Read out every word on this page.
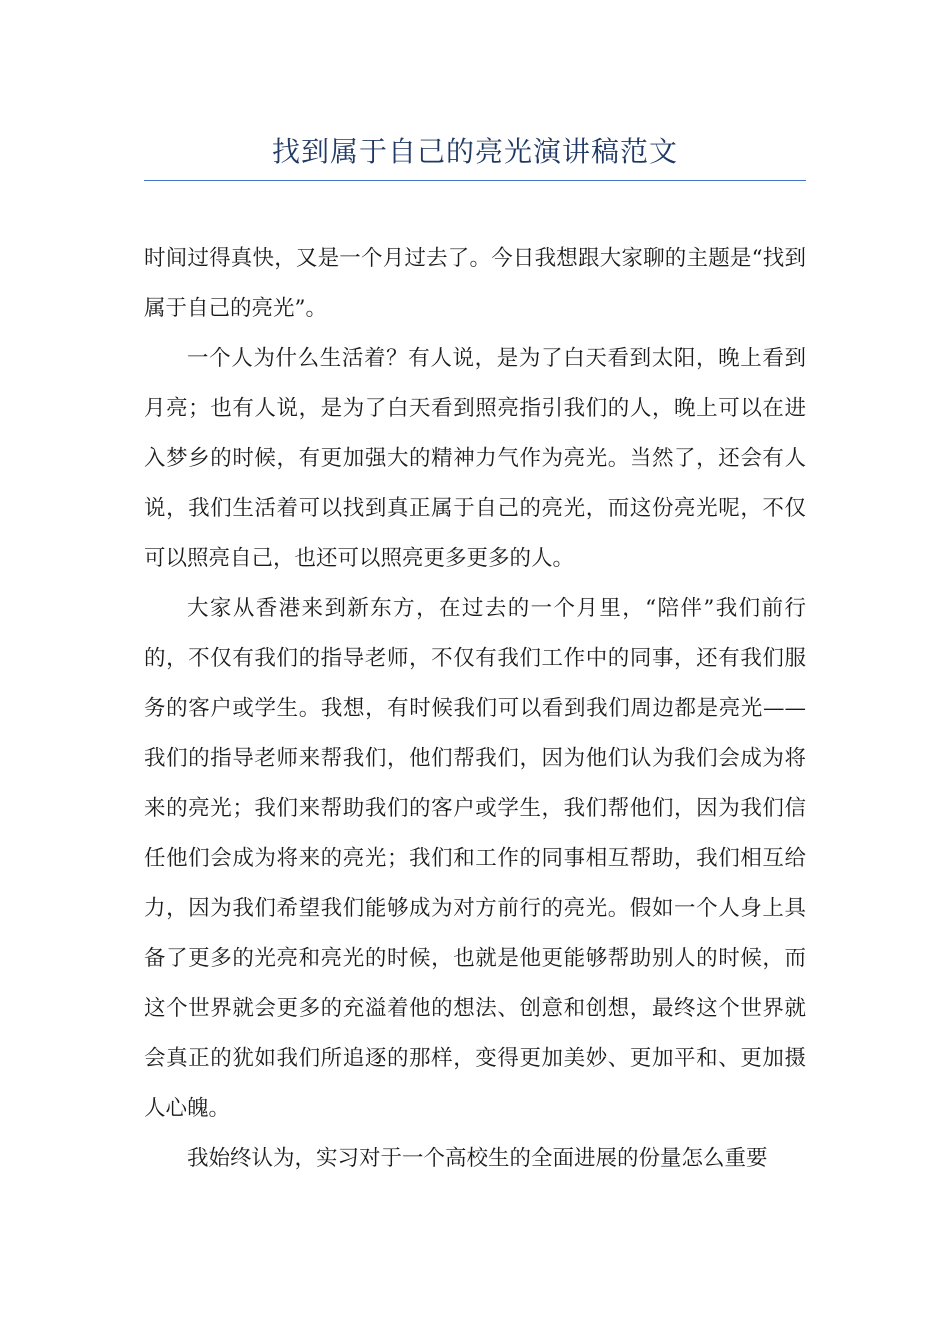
找到属于自己的亮光演讲稿范文

时间过得真快，又是一个月过去了。今日我想跟大家聊的主题是“找到属于自己的亮光”。

一个人为什么生活着？有人说，是为了白天看到太阳，晚上看到月亮；也有人说，是为了白天看到照亮指引我们的人，晚上可以在进入梦乡的时候，有更加强大的精神力气作为亮光。当然了，还会有人说，我们生活着可以找到真正属于自己的亮光，而这份亮光呢，不仅可以照亮自己，也还可以照亮更多更多的人。

大家从香港来到新东方，在过去的一个月里，“陪伴”我们前行的，不仅有我们的指导老师，不仅有我们工作中的同事，还有我们服务的客户或学生。我想，有时候我们可以看到我们周边都是亮光——我们的指导老师来帮我们，他们帮我们，因为他们认为我们会成为将来的亮光；我们来帮助我们的客户或学生，我们帮他们，因为我们信任他们会成为将来的亮光；我们和工作的同事相互帮助，我们相互给力，因为我们希望我们能够成为对方前行的亮光。假如一个人身上具备了更多的光亮和亮光的时候，也就是他更能够帮助别人的时候，而这个世界就会更多的充溢着他的想法、创意和创想，最终这个世界就会真正的犹如我们所追逐的那样，变得更加美妙、更加平和、更加摄人心魄。

我始终认为，实习对于一个高校生的全面进展的份量怎么重要
